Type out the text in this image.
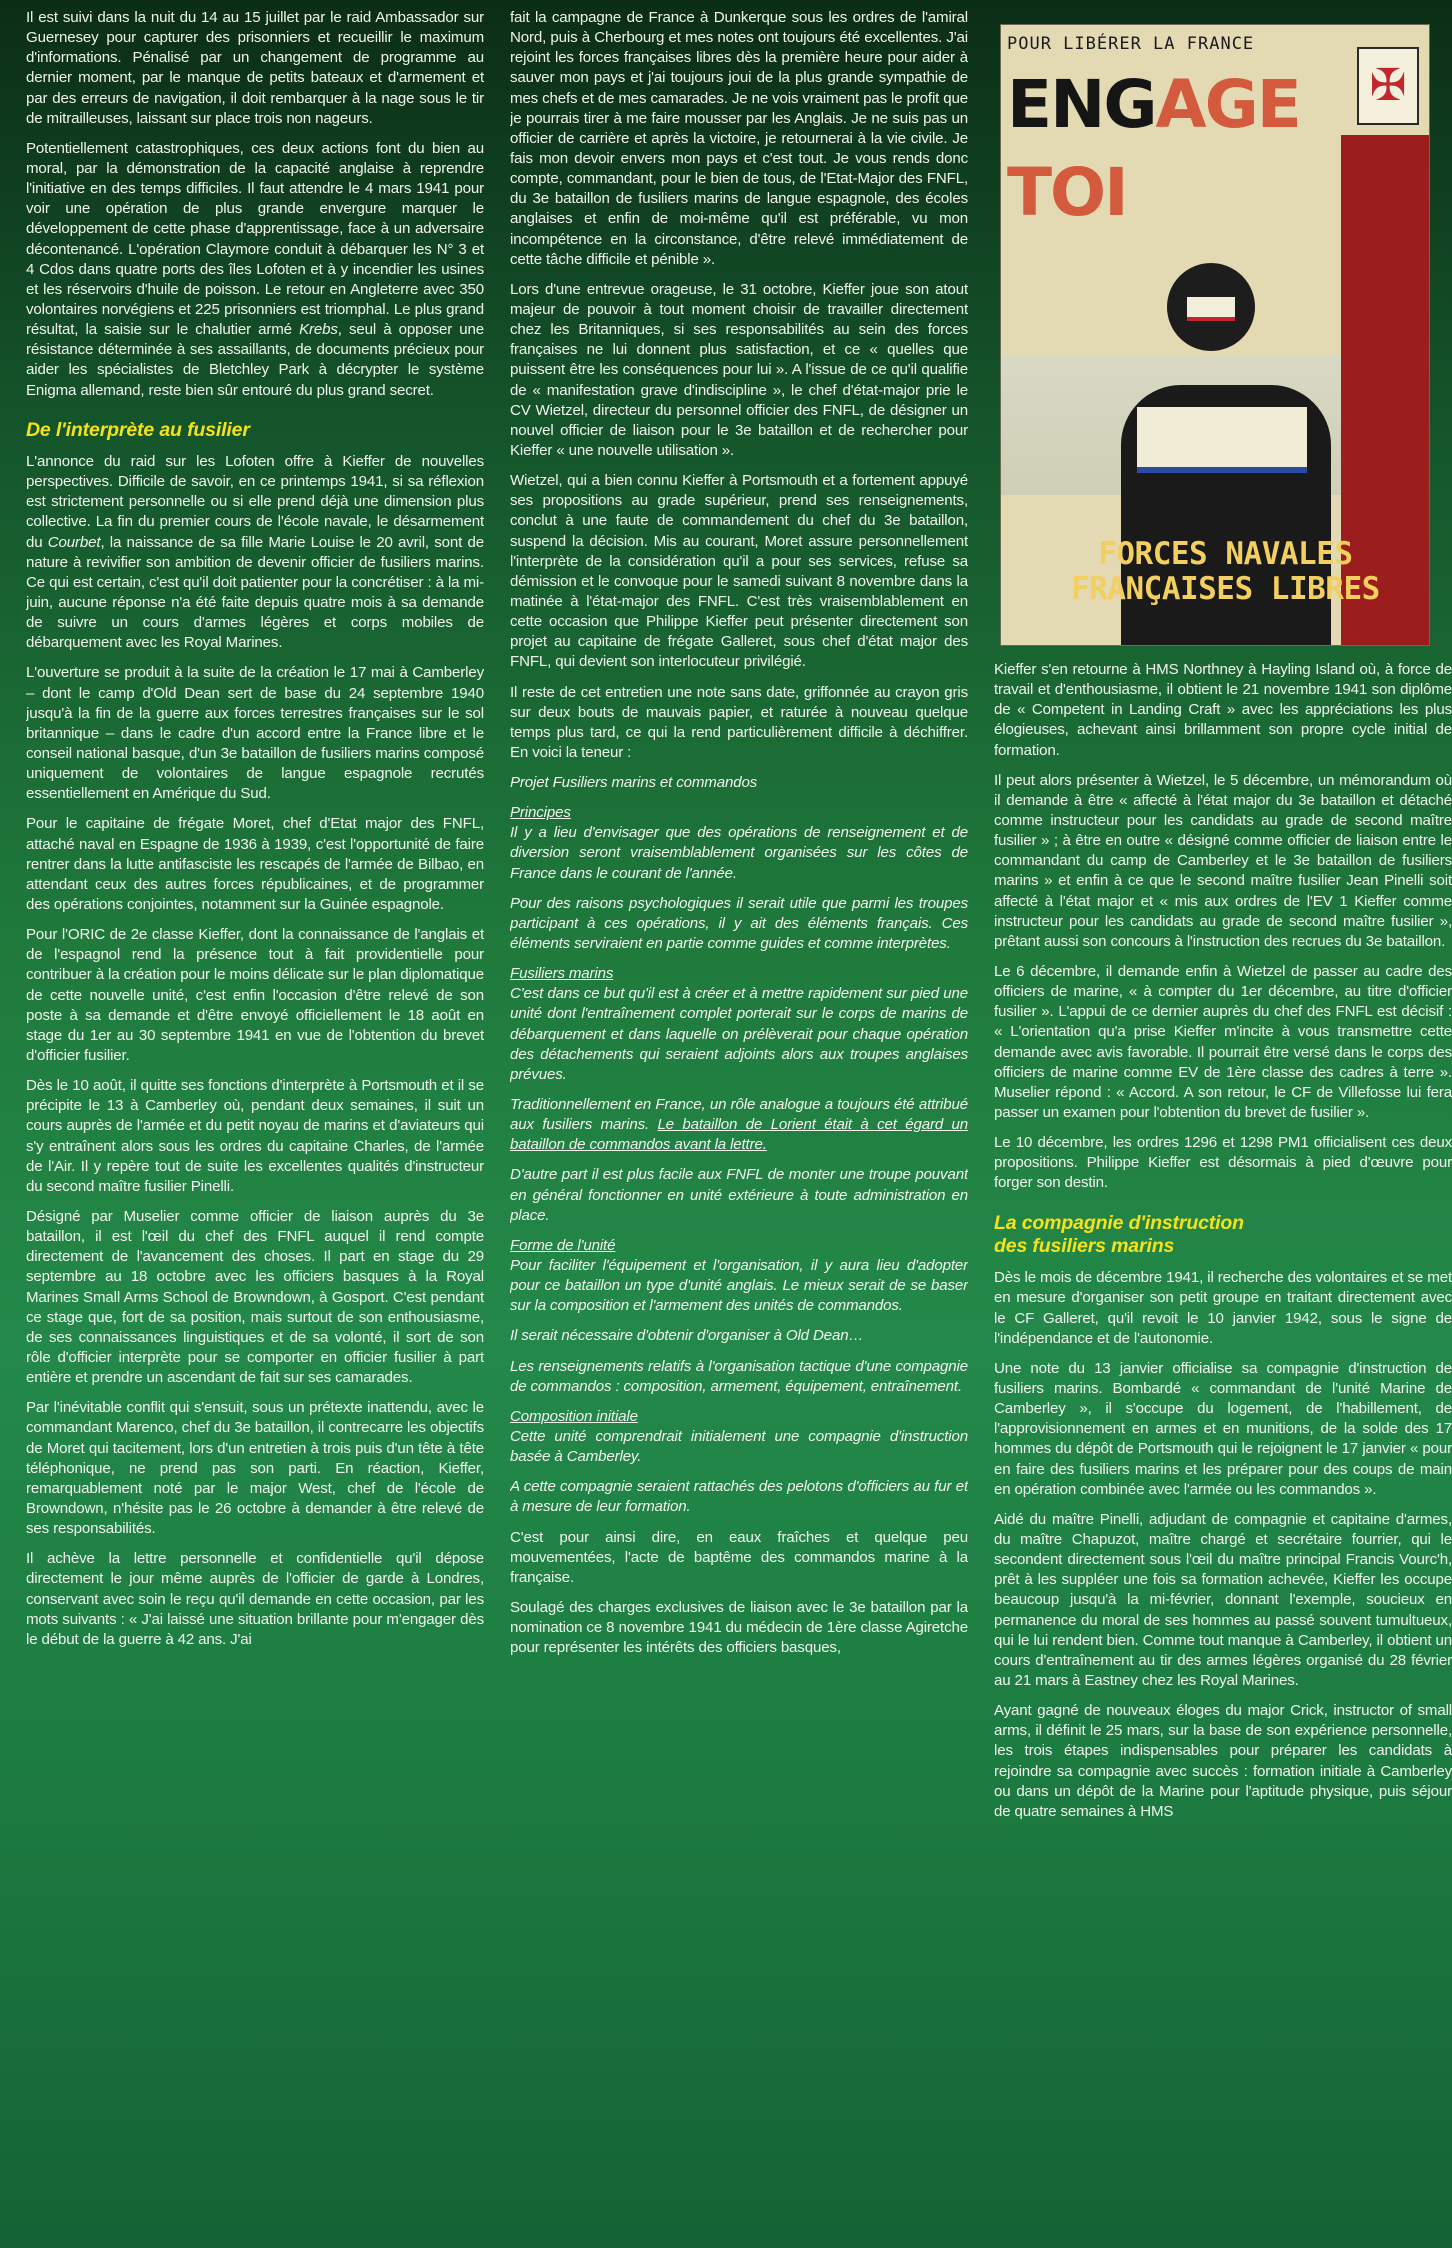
Il est suivi dans la nuit du 14 au 15 juillet par le raid Ambassador sur Guernesey pour capturer des prisonniers et recueillir le maximum d'informations. Pénalisé par un changement de programme au dernier moment, par le manque de petits bateaux et d'armement et par des erreurs de navigation, il doit rembarquer à la nage sous le tir de mitrailleuses, laissant sur place trois non nageurs.

Potentiellement catastrophiques, ces deux actions font du bien au moral, par la démonstration de la capacité anglaise à reprendre l'initiative en des temps difficiles. Il faut attendre le 4 mars 1941 pour voir une opération de plus grande envergure marquer le développement de cette phase d'apprentissage, face à un adversaire décontenancé. L'opération Claymore conduit à débarquer les N° 3 et 4 Cdos dans quatre ports des îles Lofoten et à y incendier les usines et les réservoirs d'huile de poisson. Le retour en Angleterre avec 350 volontaires norvégiens et 225 prisonniers est triomphal. Le plus grand résultat, la saisie sur le chalutier armé Krebs, seul à opposer une résistance déterminée à ses assaillants, de documents précieux pour aider les spécialistes de Bletchley Park à décrypter le système Enigma allemand, reste bien sûr entouré du plus grand secret.

De l'interprète au fusilier

L'annonce du raid sur les Lofoten offre à Kieffer de nouvelles perspectives. Difficile de savoir, en ce printemps 1941, si sa réflexion est strictement personnelle ou si elle prend déjà une dimension plus collective. La fin du premier cours de l'école navale, le désarmement du Courbet, la naissance de sa fille Marie Louise le 20 avril, sont de nature à revivifier son ambition de devenir officier de fusiliers marins. Ce qui est certain, c'est qu'il doit patienter pour la concrétiser : à la mi-juin, aucune réponse n'a été faite depuis quatre mois à sa demande de suivre un cours d'armes légères et corps mobiles de débarquement avec les Royal Marines.

L'ouverture se produit à la suite de la création le 17 mai à Camberley – dont le camp d'Old Dean sert de base du 24 septembre 1940 jusqu'à la fin de la guerre aux forces terrestres françaises sur le sol britannique – dans le cadre d'un accord entre la France libre et le conseil national basque, d'un 3e bataillon de fusiliers marins composé uniquement de volontaires de langue espagnole recrutés essentiellement en Amérique du Sud.

Pour le capitaine de frégate Moret, chef d'Etat major des FNFL, attaché naval en Espagne de 1936 à 1939, c'est l'opportunité de faire rentrer dans la lutte antifasciste les rescapés de l'armée de Bilbao, en attendant ceux des autres forces républicaines, et de programmer des opérations conjointes, notamment sur la Guinée espagnole.

Pour l'ORIC de 2e classe Kieffer, dont la connaissance de l'anglais et de l'espagnol rend la présence tout à fait providentielle pour contribuer à la création pour le moins délicate sur le plan diplomatique de cette nouvelle unité, c'est enfin l'occasion d'être relevé de son poste à sa demande et d'être envoyé officiellement le 18 août en stage du 1er au 30 septembre 1941 en vue de l'obtention du brevet d'officier fusilier.

Dès le 10 août, il quitte ses fonctions d'interprète à Portsmouth et il se précipite le 13 à Camberley où, pendant deux semaines, il suit un cours auprès de l'armée et du petit noyau de marins et d'aviateurs qui s'y entraînent alors sous les ordres du capitaine Charles, de l'armée de l'Air. Il y repère tout de suite les excellentes qualités d'instructeur du second maître fusilier Pinelli.

Désigné par Muselier comme officier de liaison auprès du 3e bataillon, il est l'œil du chef des FNFL auquel il rend compte directement de l'avancement des choses. Il part en stage du 29 septembre au 18 octobre avec les officiers basques à la Royal Marines Small Arms School de Browndown, à Gosport. C'est pendant ce stage que, fort de sa position, mais surtout de son enthousiasme, de ses connaissances linguistiques et de sa volonté, il sort de son rôle d'officier interprète pour se comporter en officier fusilier à part entière et prendre un ascendant de fait sur ses camarades.

Par l'inévitable conflit qui s'ensuit, sous un prétexte inattendu, avec le commandant Marenco, chef du 3e bataillon, il contrecarre les objectifs de Moret qui tacitement, lors d'un entretien à trois puis d'un tête à tête téléphonique, ne prend pas son parti. En réaction, Kieffer, remarquablement noté par le major West, chef de l'école de Browndown, n'hésite pas le 26 octobre à demander à être relevé de ses responsabilités.

Il achève la lettre personnelle et confidentielle qu'il dépose directement le jour même auprès de l'officier de garde à Londres, conservant avec soin le reçu qu'il demande en cette occasion, par les mots suivants : « J'ai laissé une situation brillante pour m'engager dès le début de la guerre à 42 ans. J'ai

fait la campagne de France à Dunkerque sous les ordres de l'amiral Nord, puis à Cherbourg et mes notes ont toujours été excellentes. J'ai rejoint les forces françaises libres dès la première heure pour aider à sauver mon pays et j'ai toujours joui de la plus grande sympathie de mes chefs et de mes camarades. Je ne vois vraiment pas le profit que je pourrais tirer à me faire mousser par les Anglais. Je ne suis pas un officier de carrière et après la victoire, je retournerai à la vie civile. Je fais mon devoir envers mon pays et c'est tout. Je vous rends donc compte, commandant, pour le bien de tous, de l'Etat-Major des FNFL, du 3e bataillon de fusiliers marins de langue espagnole, des écoles anglaises et enfin de moi-même qu'il est préférable, vu mon incompétence en la circonstance, d'être relevé immédiatement de cette tâche difficile et pénible ».

Lors d'une entrevue orageuse, le 31 octobre, Kieffer joue son atout majeur de pouvoir à tout moment choisir de travailler directement chez les Britanniques, si ses responsabilités au sein des forces françaises ne lui donnent plus satisfaction, et ce « quelles que puissent être les conséquences pour lui ». A l'issue de ce qu'il qualifie de « manifestation grave d'indiscipline », le chef d'état-major prie le CV Wietzel, directeur du personnel officier des FNFL, de désigner un nouvel officier de liaison pour le 3e bataillon et de rechercher pour Kieffer « une nouvelle utilisation ».

Wietzel, qui a bien connu Kieffer à Portsmouth et a fortement appuyé ses propositions au grade supérieur, prend ses renseignements, conclut à une faute de commandement du chef du 3e bataillon, suspend la décision. Mis au courant, Moret assure personnellement l'interprète de la considération qu'il a pour ses services, refuse sa démission et le convoque pour le samedi suivant 8 novembre dans la matinée à l'état-major des FNFL. C'est très vraisemblablement en cette occasion que Philippe Kieffer peut présenter directement son projet au capitaine de frégate Galleret, sous chef d'état major des FNFL, qui devient son interlocuteur privilégié.

Il reste de cet entretien une note sans date, griffonnée au crayon gris sur deux bouts de mauvais papier, et raturée à nouveau quelque temps plus tard, ce qui la rend particulièrement difficile à déchiffrer. En voici la teneur :

Projet Fusiliers marins et commandos

Principes

Il y a lieu d'envisager que des opérations de renseignement et de diversion seront vraisemblablement organisées sur les côtes de France dans le courant de l'année.

Pour des raisons psychologiques il serait utile que parmi les troupes participant à ces opérations, il y ait des éléments français. Ces éléments serviraient en partie comme guides et comme interprètes.

Fusiliers marins

C'est dans ce but qu'il est à créer et à mettre rapidement sur pied une unité dont l'entraînement complet porterait sur le corps de marins de débarquement et dans laquelle on prélèverait pour chaque opération des détachements qui seraient adjoints alors aux troupes anglaises prévues.

Traditionnellement en France, un rôle analogue a toujours été attribué aux fusiliers marins. Le bataillon de Lorient était à cet égard un bataillon de commandos avant la lettre.

D'autre part il est plus facile aux FNFL de monter une troupe pouvant en général fonctionner en unité extérieure à toute administration en place.

Forme de l'unité

Pour faciliter l'équipement et l'organisation, il y aura lieu d'adopter pour ce bataillon un type d'unité anglais. Le mieux serait de se baser sur la composition et l'armement des unités de commandos.

Il serait nécessaire d'obtenir d'organiser à Old Dean…

Les renseignements relatifs à l'organisation tactique d'une compagnie de commandos : composition, armement, équipement, entraînement.

Composition initiale

Cette unité comprendrait initialement une compagnie d'instruction basée à Camberley.

A cette compagnie seraient rattachés des pelotons d'officiers au fur et à mesure de leur formation.

C'est pour ainsi dire, en eaux fraîches et quelque peu mouvementées, l'acte de baptême des commandos marine à la française.

Soulagé des charges exclusives de liaison avec le 3e bataillon par la nomination ce 8 novembre 1941 du médecin de 1ère classe Agiretche pour représenter les intérêts des officiers basques,

POUR LIBÉRER LA FRANCE
ENGAGE TOI
✠
FORCES NAVALES
FRANÇAISES LIBRES

Kieffer s'en retourne à HMS Northney à Hayling Island où, à force de travail et d'enthousiasme, il obtient le 21 novembre 1941 son diplôme de « Competent in Landing Craft » avec les appréciations les plus élogieuses, achevant ainsi brillamment son propre cycle initial de formation.

Il peut alors présenter à Wietzel, le 5 décembre, un mémorandum où il demande à être « affecté à l'état major du 3e bataillon et détaché comme instructeur pour les candidats au grade de second maître fusilier » ; à être en outre « désigné comme officier de liaison entre le commandant du camp de Camberley et le 3e bataillon de fusiliers marins » et enfin à ce que le second maître fusilier Jean Pinelli soit affecté à l'état major et « mis aux ordres de l'EV 1 Kieffer comme instructeur pour les candidats au grade de second maître fusilier », prêtant aussi son concours à l'instruction des recrues du 3e bataillon.

Le 6 décembre, il demande enfin à Wietzel de passer au cadre des officiers de marine, « à compter du 1er décembre, au titre d'officier fusilier ». L'appui de ce dernier auprès du chef des FNFL est décisif : « L'orientation qu'a prise Kieffer m'incite à vous transmettre cette demande avec avis favorable. Il pourrait être versé dans le corps des officiers de marine comme EV de 1ère classe des cadres à terre ». Muselier répond : « Accord. A son retour, le CF de Villefosse lui fera passer un examen pour l'obtention du brevet de fusilier ».

Le 10 décembre, les ordres 1296 et 1298 PM1 officialisent ces deux propositions. Philippe Kieffer est désormais à pied d'œuvre pour forger son destin.

La compagnie d'instruction
des fusiliers marins

Dès le mois de décembre 1941, il recherche des volontaires et se met en mesure d'organiser son petit groupe en traitant directement avec le CF Galleret, qu'il revoit le 10 janvier 1942, sous le signe de l'indépendance et de l'autonomie.

Une note du 13 janvier officialise sa compagnie d'instruction de fusiliers marins. Bombardé « commandant de l'unité Marine de Camberley », il s'occupe du logement, de l'habillement, de l'approvisionnement en armes et en munitions, de la solde des 17 hommes du dépôt de Portsmouth qui le rejoignent le 17 janvier « pour en faire des fusiliers marins et les préparer pour des coups de main en opération combinée avec l'armée ou les commandos ».

Aidé du maître Pinelli, adjudant de compagnie et capitaine d'armes, du maître Chapuzot, maître chargé et secrétaire fourrier, qui le secondent directement sous l'œil du maître principal Francis Vourc'h, prêt à les suppléer une fois sa formation achevée, Kieffer les occupe beaucoup jusqu'à la mi-février, donnant l'exemple, soucieux en permanence du moral de ses hommes au passé souvent tumultueux, qui le lui rendent bien. Comme tout manque à Camberley, il obtient un cours d'entraînement au tir des armes légères organisé du 28 février au 21 mars à Eastney chez les Royal Marines.

Ayant gagné de nouveaux éloges du major Crick, instructor of small arms, il définit le 25 mars, sur la base de son expérience personnelle, les trois étapes indispensables pour préparer les candidats à rejoindre sa compagnie avec succès : formation initiale à Camberley ou dans un dépôt de la Marine pour l'aptitude physique, puis séjour de quatre semaines à HMS
